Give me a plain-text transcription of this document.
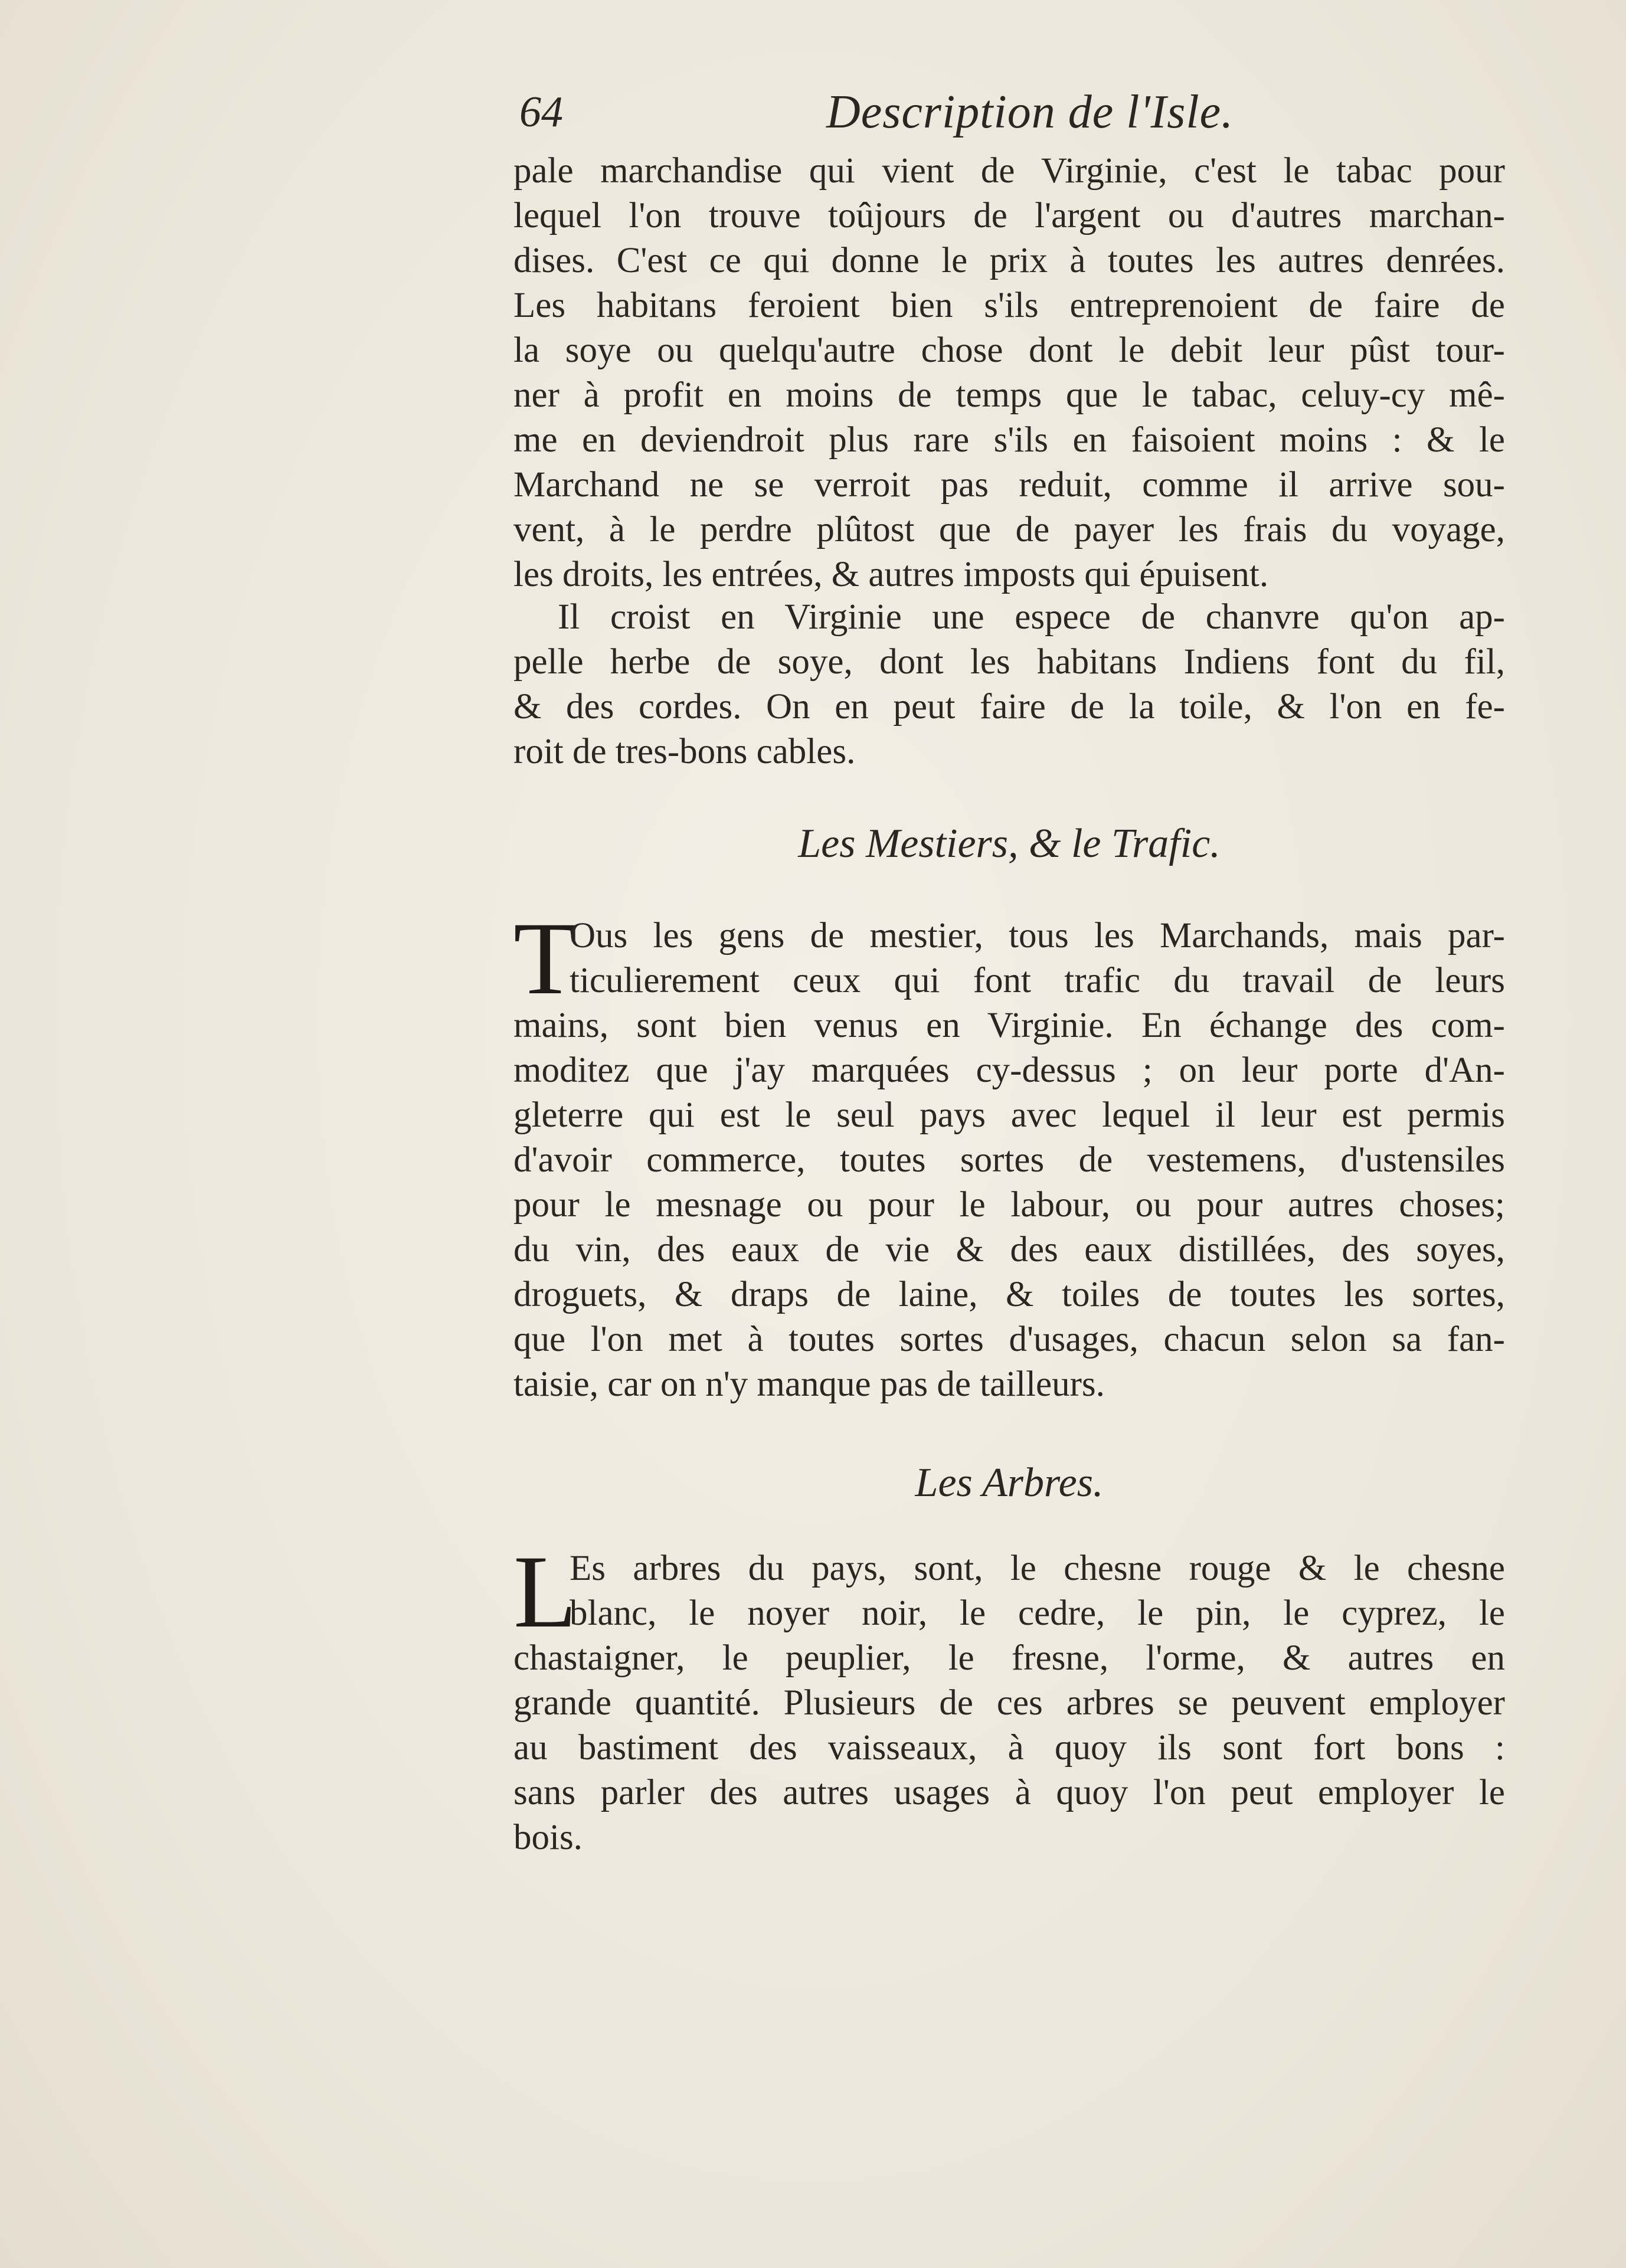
64	Description de l'Isle.
pale marchandise qui vient de Virginie, c'est le tabac pour
lequel l'on trouve toûjours de l'argent ou d'autres marchan-
dises. C'est ce qui donne le prix à toutes les autres denrées.
Les habitans feroient bien s'ils entreprenoient de faire de
la soye ou quelqu'autre chose dont le debit leur pûst tour-
ner à profit en moins de temps que le tabac, celuy-cy mê-
me en deviendroit plus rare s'ils en faisoient moins : & le
Marchand ne se verroit pas reduit, comme il arrive sou-
vent, à le perdre plûtost que de payer les frais du voyage,
les droits, les entrées, & autres imposts qui épuisent.
Il croist en Virginie une espece de chanvre qu'on ap-
pelle herbe de soye, dont les habitans Indiens font du fil,
& des cordes. On en peut faire de la toile, & l'on en fe-
roit de tres-bons cables.
Les Mestiers, & le Trafic.
T
Ous les gens de mestier, tous les Marchands, mais par-
ticulierement ceux qui font trafic du travail de leurs
mains, sont bien venus en Virginie. En échange des com-
moditez que j'ay marquées cy-dessus ; on leur porte d'An-
gleterre qui est le seul pays avec lequel il leur est permis
d'avoir commerce, toutes sortes de vestemens, d'ustensiles
pour le mesnage ou pour le labour, ou pour autres choses;
du vin, des eaux de vie & des eaux distillées, des soyes,
droguets, & draps de laine, & toiles de toutes les sortes,
que l'on met à toutes sortes d'usages, chacun selon sa fan-
taisie, car on n'y manque pas de tailleurs.
Les Arbres.
L
Es arbres du pays, sont, le chesne rouge & le chesne
blanc, le noyer noir, le cedre, le pin, le cyprez, le
chastaigner, le peuplier, le fresne, l'orme, & autres en
grande quantité. Plusieurs de ces arbres se peuvent employer
au bastiment des vaisseaux, à quoy ils sont fort bons :
sans parler des autres usages à quoy l'on peut employer le
bois.
